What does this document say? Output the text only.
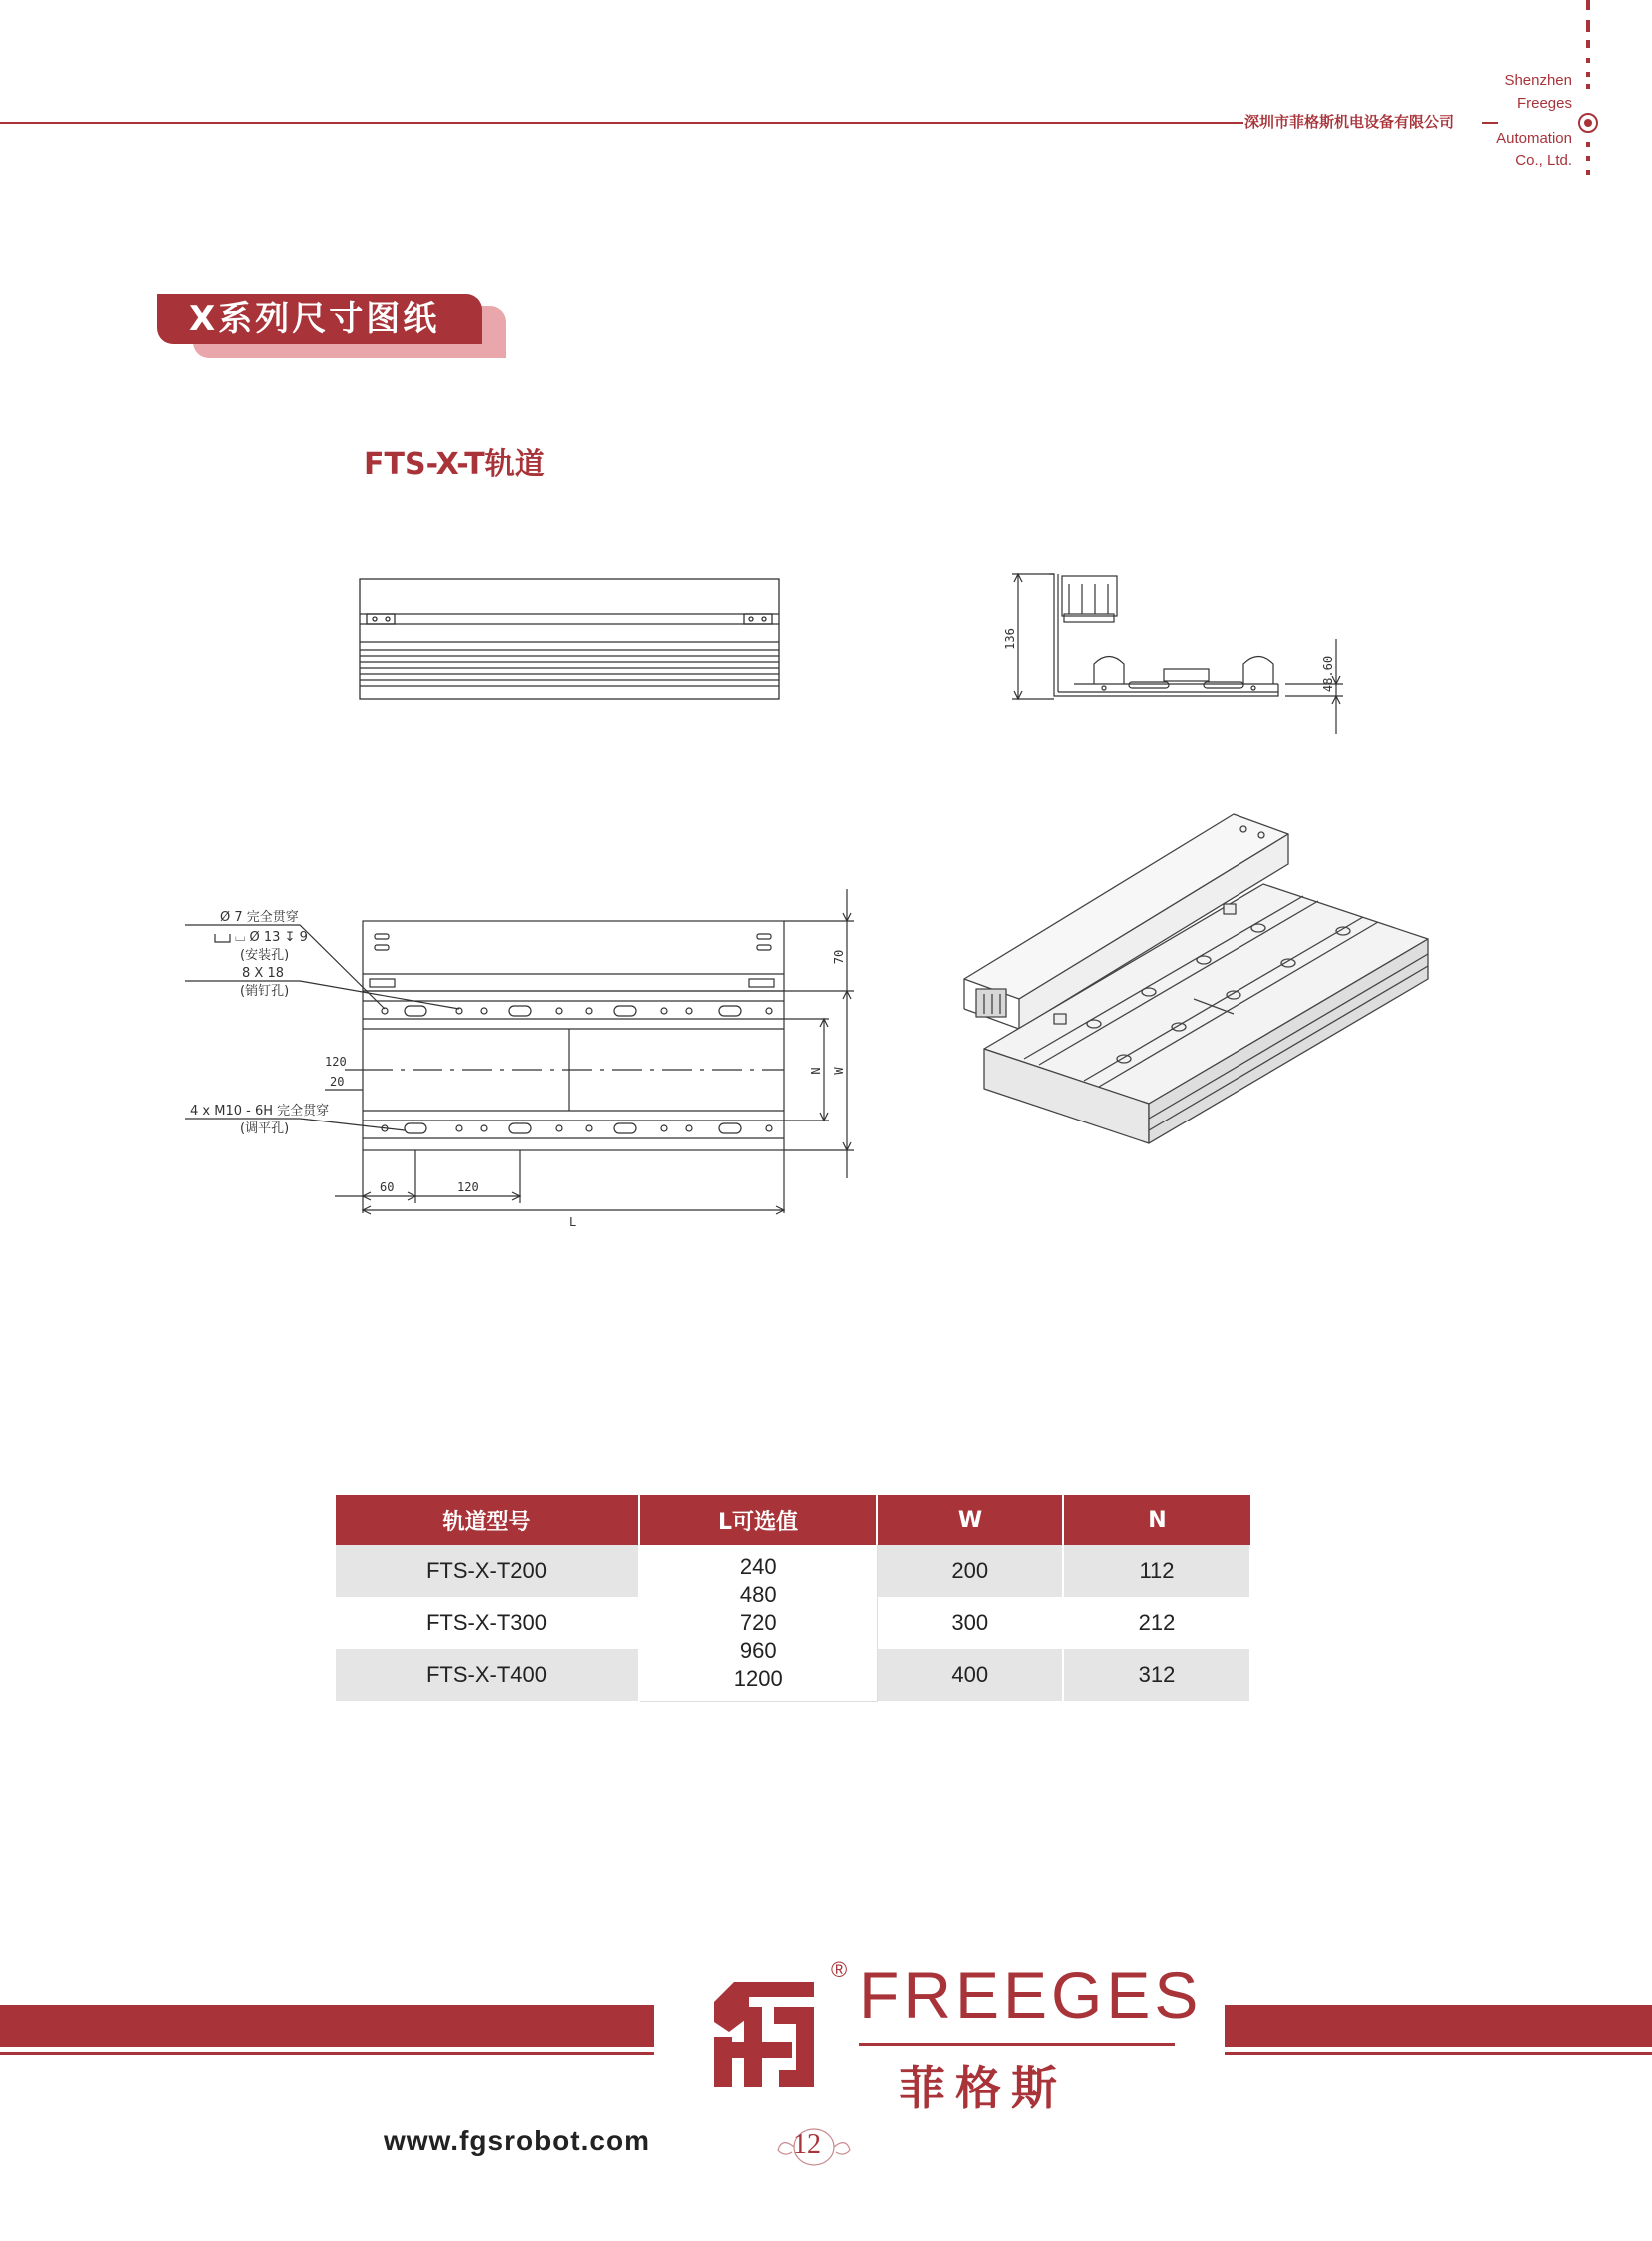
深圳市菲格斯机电设备有限公司
Shenzhen
Freeges
Automation
Co., Ltd.
X系列尺寸图纸
FTS-X-T轨道
136
48.60
70
N W
120
20
60	120
L
Ø 7 完全贯穿
⌴ Ø 13 ↧ 9
(安装孔)
8 X 18
(销钉孔)
4 x M10 - 6H 完全贯穿
(调平孔)
轨道型号	L可选值	W	N
FTS-X-T200	240
480
720
960
1200	200	112
FTS-X-T300		300	212
FTS-X-T400		400	312
® FREEGES
菲格斯
www.fgsrobot.com	12
